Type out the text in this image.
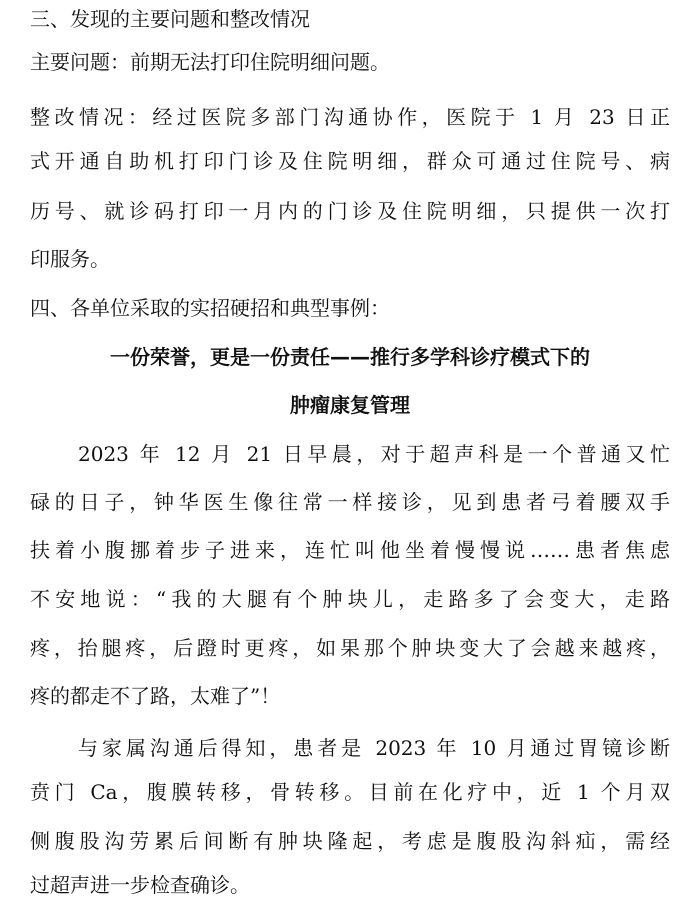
三、发现的主要问题和整改情况
主要问题：前期无法打印住院明细问题。
整改情况：经过医院多部门沟通协作，医院于 1 月 23 日正
式开通自助机打印门诊及住院明细，群众可通过住院号、病
历号、就诊码打印一月内的门诊及住院明细，只提供一次打
印服务。
四、各单位采取的实招硬招和典型事例：
一份荣誉，更是一份责任——推行多学科诊疗模式下的
肿瘤康复管理
2023 年 12 月 21 日早晨，对于超声科是一个普通又忙
碌的日子，钟华医生像往常一样接诊，见到患者弓着腰双手
扶着小腹挪着步子进来，连忙叫他坐着慢慢说……患者焦虑
不安地说：“我的大腿有个肿块儿，走路多了会变大，走路
疼，抬腿疼，后蹬时更疼，如果那个肿块变大了会越来越疼，
疼的都走不了路，太难了”！
与家属沟通后得知，患者是 2023 年 10 月通过胃镜诊断
贲门 Ca，腹膜转移，骨转移。目前在化疗中，近 1 个月双
侧腹股沟劳累后间断有肿块隆起，考虑是腹股沟斜疝，需经
过超声进一步检查确诊。
